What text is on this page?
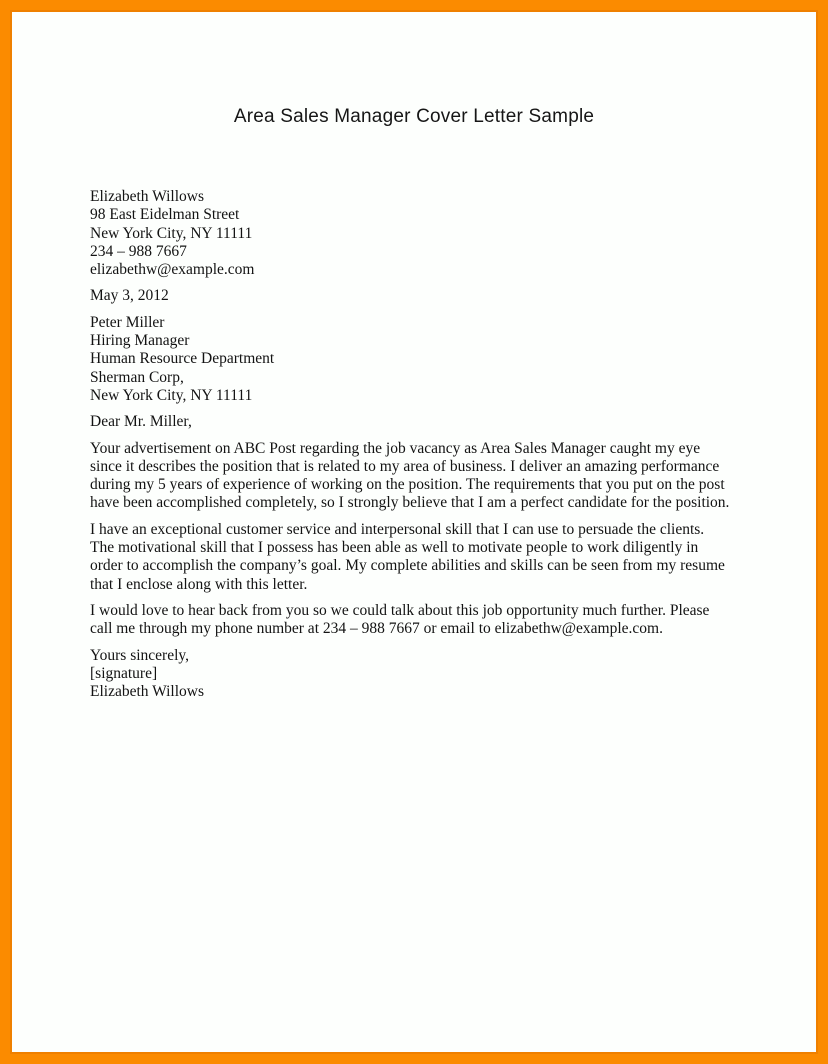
Area Sales Manager Cover Letter Sample
Elizabeth Willows
98 East Eidelman Street
New York City, NY 11111
234 – 988 7667
elizabethw@example.com
May 3, 2012
Peter Miller
Hiring Manager
Human Resource Department
Sherman Corp,
New York City, NY 11111
Dear Mr. Miller,

Your advertisement on ABC Post regarding the job vacancy as Area Sales Manager caught my eye since it describes the position that is related to my area of business. I deliver an amazing performance during my 5 years of experience of working on the position. The requirements that you put on the post have been accomplished completely, so I strongly believe that I am a perfect candidate for the position.

I have an exceptional customer service and interpersonal skill that I can use to persuade the clients. The motivational skill that I possess has been able as well to motivate people to work diligently in order to accomplish the company’s goal. My complete abilities and skills can be seen from my resume that I enclose along with this letter.

I would love to hear back from you so we could talk about this job opportunity much further. Please call me through my phone number at 234 – 988 7667 or email to elizabethw@example.com.

Yours sincerely,
[signature]
Elizabeth Willows
